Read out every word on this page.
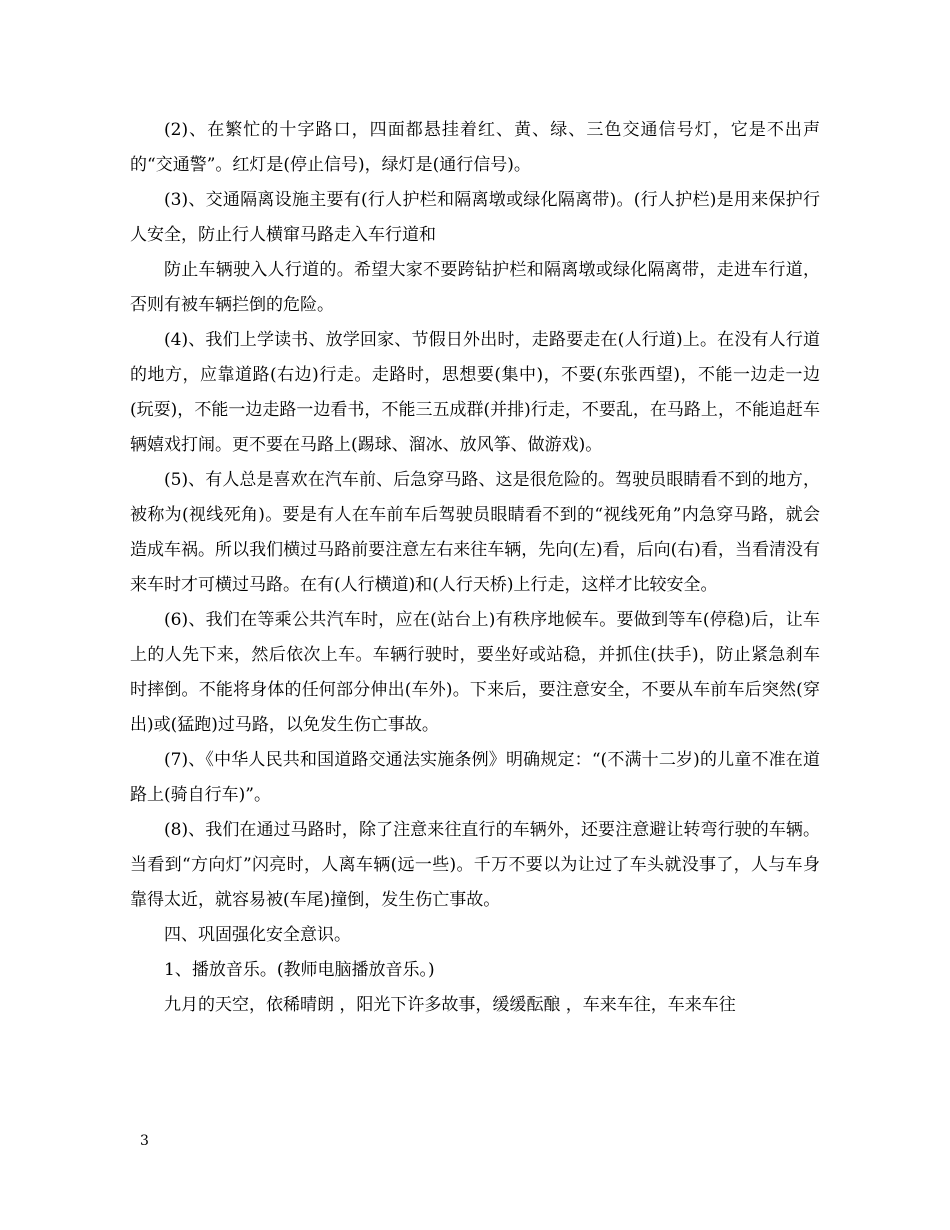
(2)、在繁忙的十字路口，四面都悬挂着红、黄、绿、三色交通信号灯，它是不出声的“交通警”。红灯是(停止信号)，绿灯是(通行信号)。

(3)、交通隔离设施主要有(行人护栏和隔离墩或绿化隔离带)。(行人护栏)是用来保护行人安全，防止行人横窜马路走入车行道和

防止车辆驶入人行道的。希望大家不要跨钻护栏和隔离墩或绿化隔离带，走进车行道，否则有被车辆拦倒的危险。

(4)、我们上学读书、放学回家、节假日外出时，走路要走在(人行道)上。在没有人行道的地方，应靠道路(右边)行走。走路时，思想要(集中)，不要(东张西望)，不能一边走一边(玩耍)，不能一边走路一边看书，不能三五成群(并排)行走，不要乱，在马路上，不能追赶车辆嬉戏打闹。更不要在马路上(踢球、溜冰、放风筝、做游戏)。

(5)、有人总是喜欢在汽车前、后急穿马路、这是很危险的。驾驶员眼睛看不到的地方，被称为(视线死角)。要是有人在车前车后驾驶员眼睛看不到的“视线死角”内急穿马路，就会造成车祸。所以我们横过马路前要注意左右来往车辆，先向(左)看，后向(右)看，当看清没有来车时才可横过马路。在有(人行横道)和(人行天桥)上行走，这样才比较安全。

(6)、我们在等乘公共汽车时，应在(站台上)有秩序地候车。要做到等车(停稳)后，让车上的人先下来，然后依次上车。车辆行驶时，要坐好或站稳，并抓住(扶手)，防止紧急刹车时摔倒。不能将身体的任何部分伸出(车外)。下来后，要注意安全，不要从车前车后突然(穿出)或(猛跑)过马路，以免发生伤亡事故。

(7)、《中华人民共和国道路交通法实施条例》明确规定：“(不满十二岁)的儿童不准在道路上(骑自行车)”。

(8)、我们在通过马路时，除了注意来往直行的车辆外，还要注意避让转弯行驶的车辆。当看到“方向灯”闪亮时，人离车辆(远一些)。千万不要以为让过了车头就没事了，人与车身靠得太近，就容易被(车尾)撞倒，发生伤亡事故。

四、巩固强化安全意识。

1、播放音乐。(教师电脑播放音乐。)

九月的天空，依稀晴朗 ，阳光下许多故事，缓缓酝酿 ，车来车往，车来车往

3
